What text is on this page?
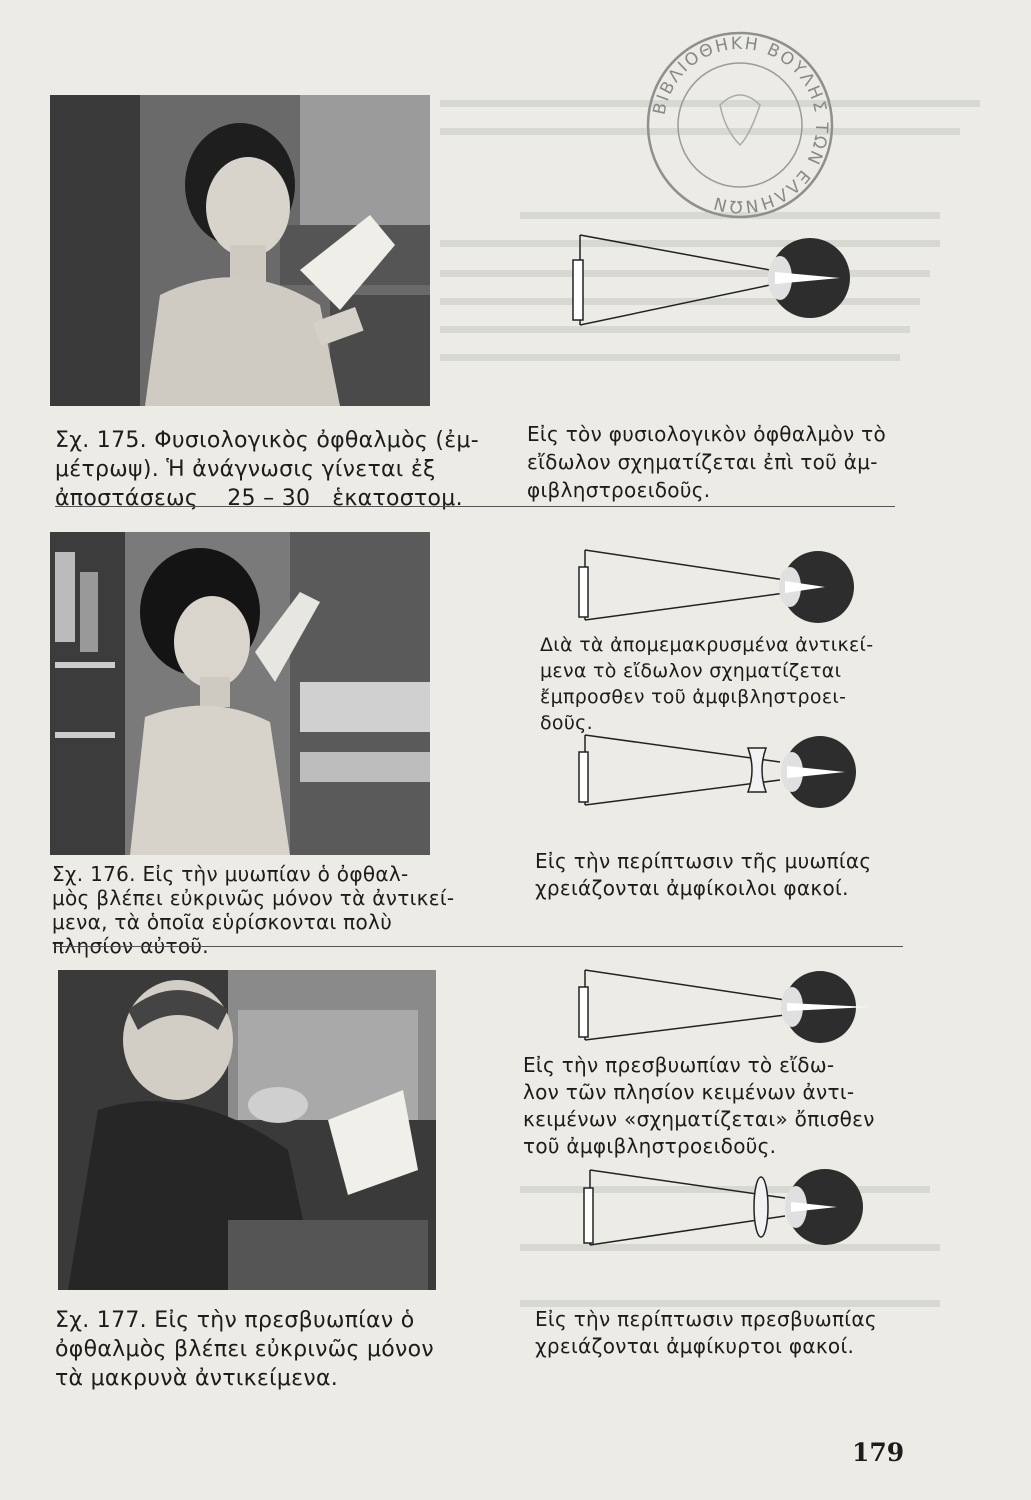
ΒΙΒΛΙΟΘΗΚΗ ΒΟΥΛΗΣ ΤΩΝ ΕΛΛΗΝΩΝ
Σχ. 175. Φυσιολογικὸς ὀφθαλμὸς (ἐμ-
μέτρωψ). Ἡ ἀνάγνωσις γίνεται ἐξ
ἀποστάσεως    25 – 30   ἑκατοστομ.
Εἰς τὸν φυσιολογικὸν ὀφθαλμὸν τὸ
εἴδωλον σχηματίζεται ἐπὶ τοῦ ἀμ-
φιβληστροειδοῦς.
Διὰ τὰ ἀπομεμακρυσμένα ἀντικεί-
μενα τὸ εἴδωλον σχηματίζεται
ἔμπροσθεν τοῦ ἀμφιβληστροει-
δοῦς.
Εἰς τὴν περίπτωσιν τῆς μυωπίας
χρειάζονται ἀμφίκοιλοι φακοί.
Σχ. 176. Εἰς τὴν μυωπίαν ὁ ὀφθαλ-
μὸς βλέπει εὐκρινῶς μόνον τὰ ἀντικεί-
μενα, τὰ ὁποῖα εὑρίσκονται πολὺ
πλησίον αὐτοῦ.
Εἰς τὴν πρεσβυωπίαν τὸ εἴδω-
λον τῶν πλησίον κειμένων ἀντι-
κειμένων «σχηματίζεται» ὄπισθεν
τοῦ ἀμφιβληστροειδοῦς.
Εἰς τὴν περίπτωσιν πρεσβυωπίας
χρειάζονται ἀμφίκυρτοι φακοί.
Σχ. 177. Εἰς τὴν πρεσβυωπίαν ὁ
ὀφθαλμὸς βλέπει εὐκρινῶς μόνον
τὰ μακρυνὰ ἀντικείμενα.
179
